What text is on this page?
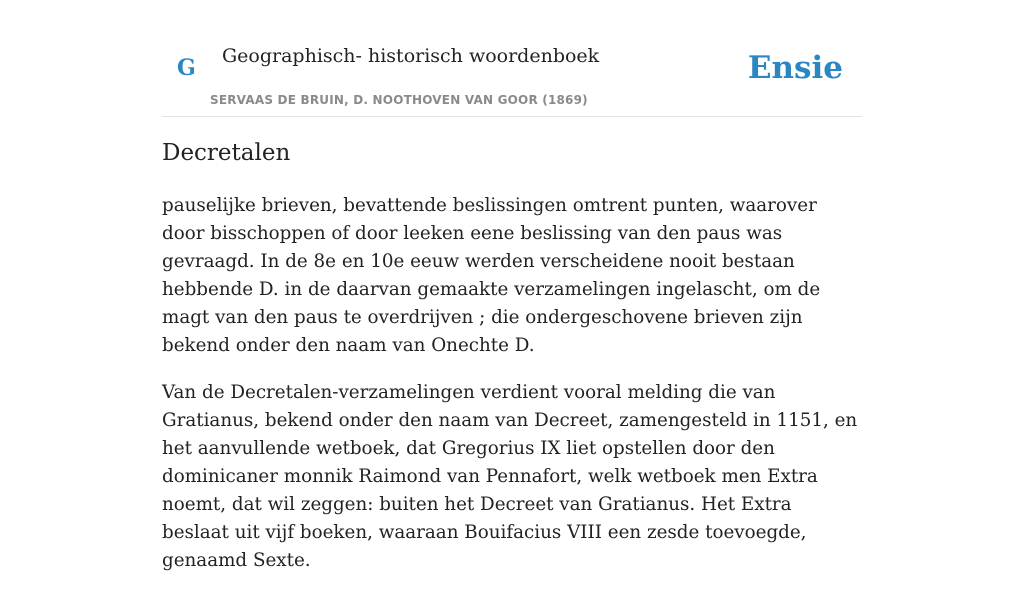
G Geographisch- historisch woordenboek
SERVAAS DE BRUIN, D. NOOTHOVEN VAN GOOR (1869)
Ensie
Decretalen

pauselijke brieven, bevattende beslissingen omtrent punten, waarover door bisschoppen of door leeken eene beslissing van den paus was gevraagd. In de 8e en 10e eeuw werden verscheidene nooit bestaan hebbende D. in de daarvan gemaakte verzamelingen ingelascht, om de magt van den paus te overdrijven ; die ondergeschovene brieven zijn bekend onder den naam van Onechte D.

Van de Decretalen-verzamelingen verdient vooral melding die van Gratianus, bekend onder den naam van Decreet, zamengesteld in 1151, en het aanvullende wetboek, dat Gregorius IX liet opstellen door den dominicaner monnik Raimond van Pennafort, welk wetboek men Extra noemt, dat wil zeggen: buiten het Decreet van Gratianus. Het Extra beslaat uit vijf boeken, waaraan Bouifacius VIII een zesde toevoegde, genaamd Sexte.
